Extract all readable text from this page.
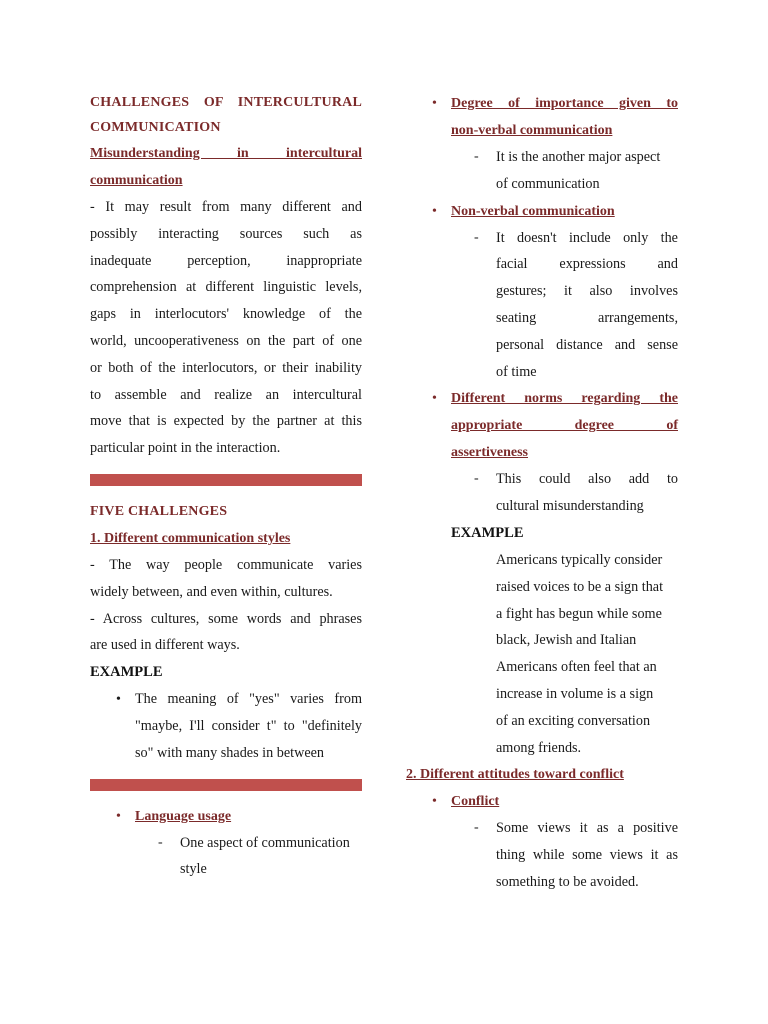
CHALLENGES OF INTERCULTURAL
COMMUNICATION
Misunderstanding in intercultural
communication
- It may result from many different and
possibly interacting sources such as
inadequate perception, inappropriate
comprehension at different linguistic levels,
gaps in interlocutors' knowledge of the
world, uncooperativeness on the part of one
or both of the interlocutors, or their inability
to assemble and realize an intercultural
move that is expected by the partner at this
particular point in the interaction.
FIVE CHALLENGES
1. Different communication styles
- The way people communicate varies
widely between, and even within, cultures.
- Across cultures, some words and phrases
are used in different ways.
EXAMPLE
• The meaning of "yes" varies from
"maybe, I'll consider t" to "definitely
so" with many shades in between
• Language usage
- One aspect of communication
style
• Degree of importance given to
non-verbal communication
- It is the another major aspect
of communication
• Non-verbal communication
- It doesn't include only the
facial expressions and
gestures; it also involves
seating arrangements,
personal distance and sense
of time
• Different norms regarding the
appropriate degree of
assertiveness
- This could also add to
cultural misunderstanding
EXAMPLE
Americans typically consider
raised voices to be a sign that
a fight has begun while some
black, Jewish and Italian
Americans often feel that an
increase in volume is a sign
of an exciting conversation
among friends.
2. Different attitudes toward conflict
• Conflict
- Some views it as a positive
thing while some views it as
something to be avoided.
